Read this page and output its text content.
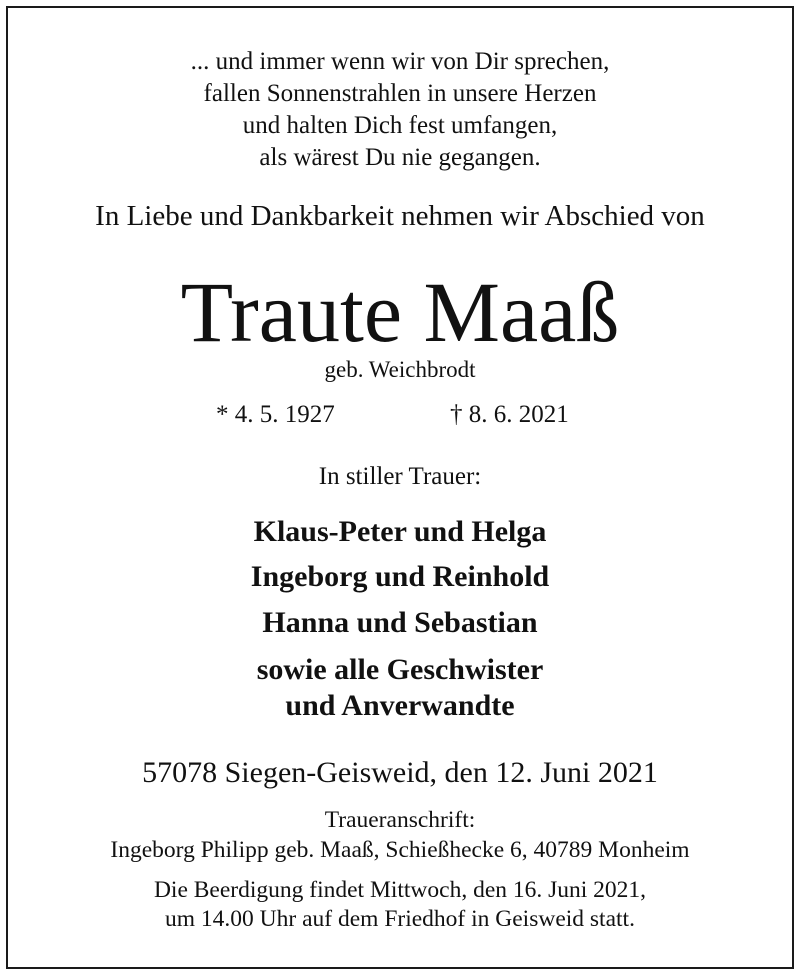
... und immer wenn wir von Dir sprechen,
fallen Sonnenstrahlen in unsere Herzen
und halten Dich fest umfangen,
als wärest Du nie gegangen.
In Liebe und Dankbarkeit nehmen wir Abschied von
Traute Maaß
geb. Weichbrodt
* 4. 5. 1927	† 8. 6. 2021
In stiller Trauer:
Klaus-Peter und Helga
Ingeborg und Reinhold
Hanna und Sebastian
sowie alle Geschwister
und Anverwandte
57078 Siegen-Geisweid, den 12. Juni 2021
Traueranschrift:
Ingeborg Philipp geb. Maaß, Schießhecke 6, 40789 Monheim
Die Beerdigung findet Mittwoch, den 16. Juni 2021,
um 14.00 Uhr auf dem Friedhof in Geisweid statt.
